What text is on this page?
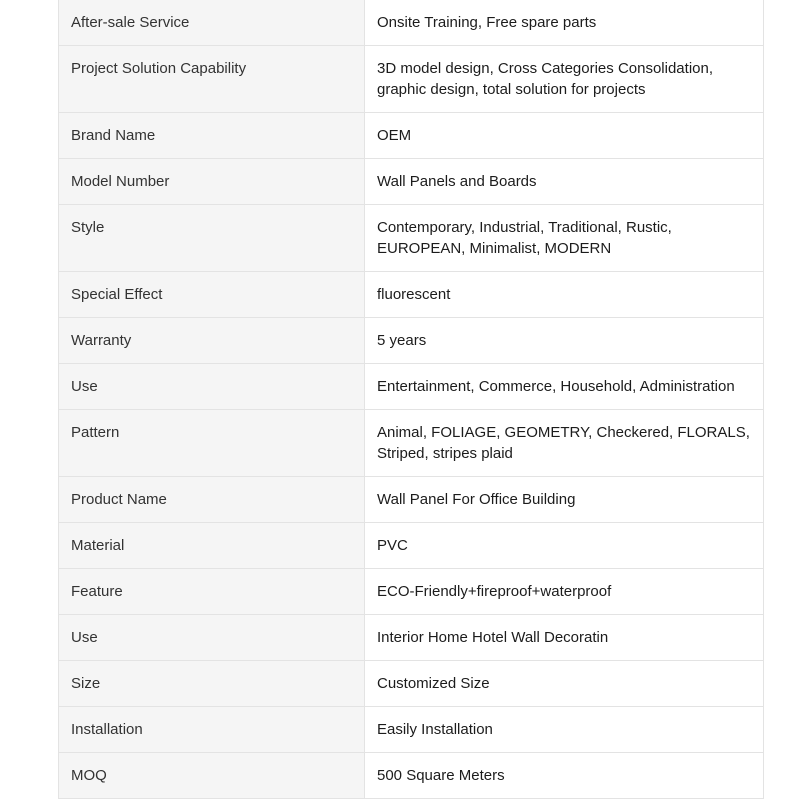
After-sale Service	Onsite Training, Free spare parts
Project Solution Capability	3D model design, Cross Categories Consolidation, graphic design, total solution for projects
Brand Name	OEM
Model Number	Wall Panels and Boards
Style	Contemporary, Industrial, Traditional, Rustic, EUROPEAN, Minimalist, MODERN
Special Effect	fluorescent
Warranty	5 years
Use	Entertainment, Commerce, Household, Administration
Pattern	Animal, FOLIAGE, GEOMETRY, Checkered, FLORALS, Striped, stripes plaid
Product Name	Wall Panel For Office Building
Material	PVC
Feature	ECO-Friendly+fireproof+waterproof
Use	Interior Home Hotel Wall Decoratin
Size	Customized Size
Installation	Easily Installation
MOQ	500 Square Meters
